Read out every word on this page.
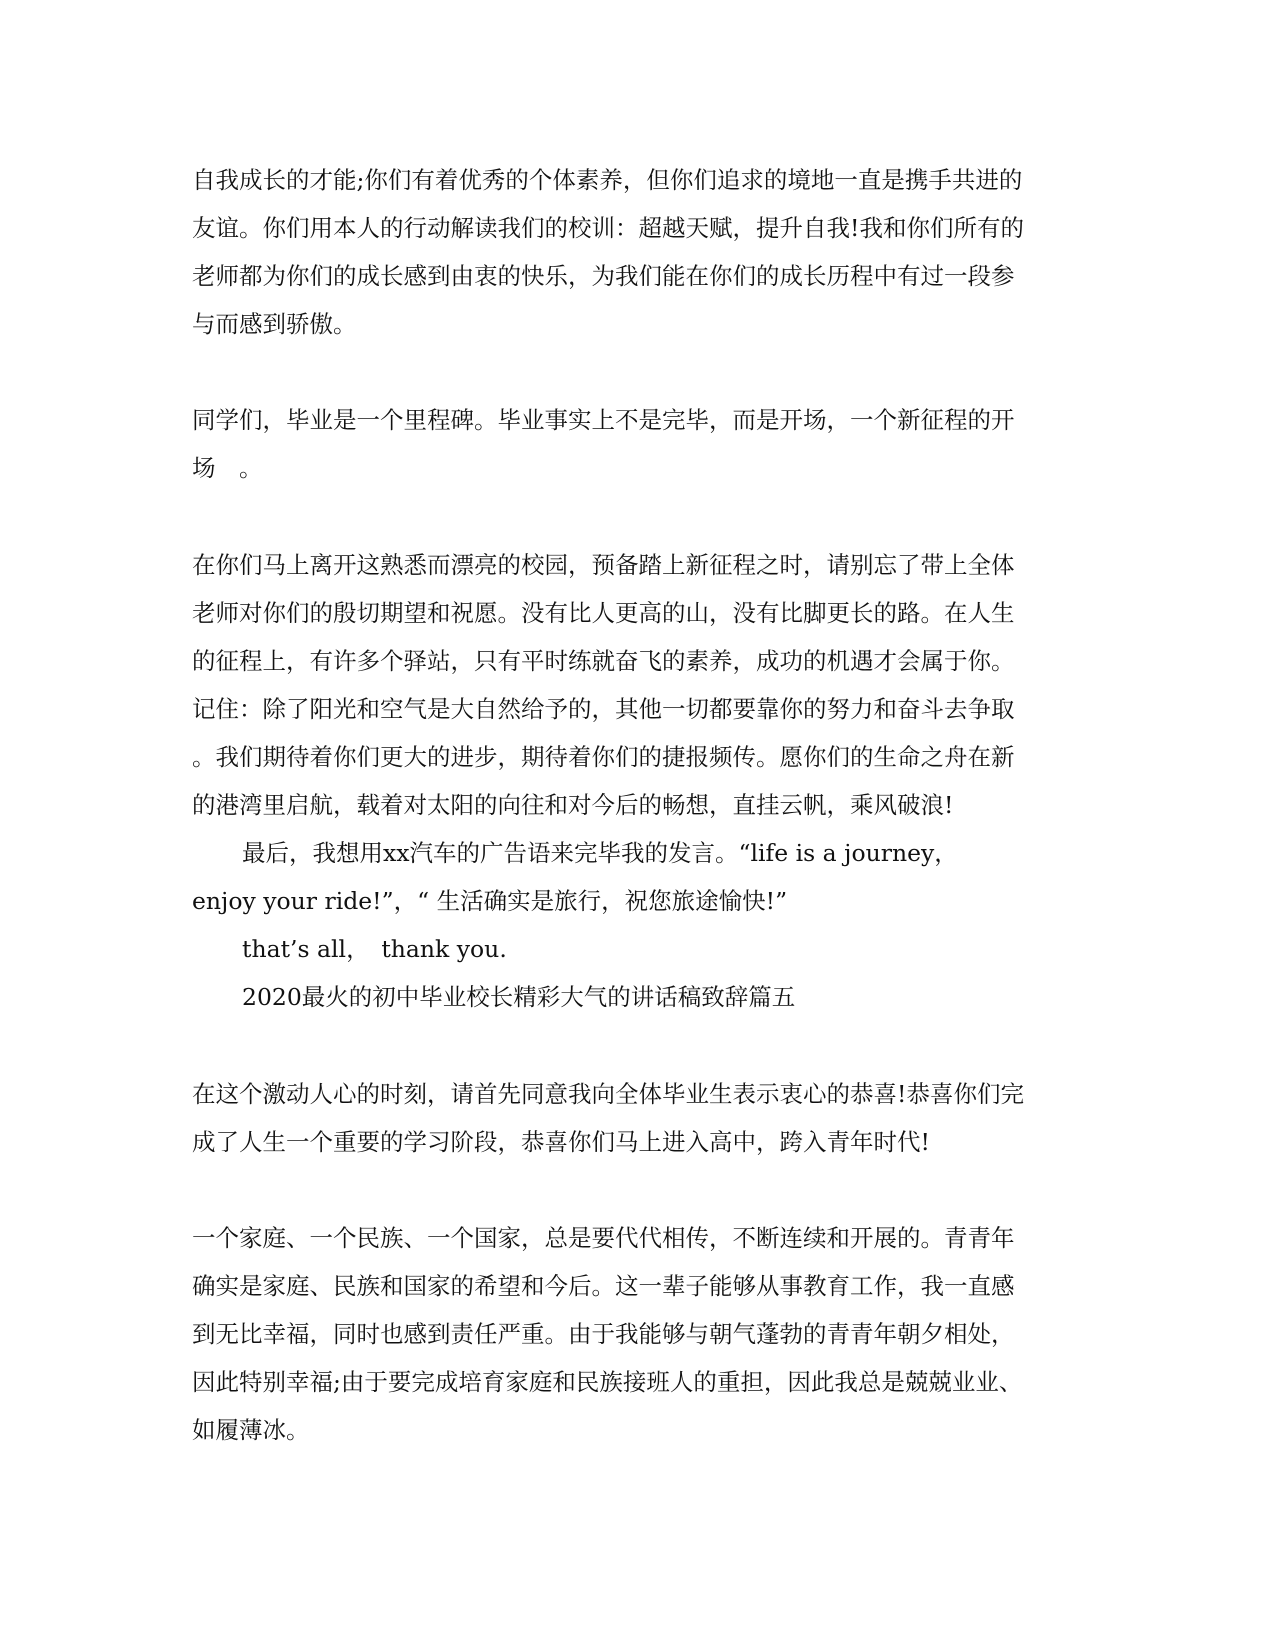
自我成长的才能;你们有着优秀的个体素养，但你们追求的境地一直是携手共进的
友谊。你们用本人的行动解读我们的校训：超越天赋，提升自我!我和你们所有的
老师都为你们的成长感到由衷的快乐，为我们能在你们的成长历程中有过一段参
与而感到骄傲。
同学们，毕业是一个里程碑。毕业事实上不是完毕，而是开场，一个新征程的开
场　。
在你们马上离开这熟悉而漂亮的校园，预备踏上新征程之时，请别忘了带上全体
老师对你们的殷切期望和祝愿。没有比人更高的山，没有比脚更长的路。在人生
的征程上，有许多个驿站，只有平时练就奋飞的素养，成功的机遇才会属于你。
记住：除了阳光和空气是大自然给予的，其他一切都要靠你的努力和奋斗去争取
。我们期待着你们更大的进步，期待着你们的捷报频传。愿你们的生命之舟在新
的港湾里启航，载着对太阳的向往和对今后的畅想，直挂云帆，乘风破浪!
最后，我想用xx汽车的广告语来完毕我的发言。“life is a journey，
enjoy your ride!”，“ 生活确实是旅行，祝您旅途愉快!”
that’s all，　thank you.
2020最火的初中毕业校长精彩大气的讲话稿致辞篇五
在这个激动人心的时刻，请首先同意我向全体毕业生表示衷心的恭喜!恭喜你们完
成了人生一个重要的学习阶段，恭喜你们马上进入高中，跨入青年时代!
一个家庭、一个民族、一个国家，总是要代代相传，不断连续和开展的。青青年
确实是家庭、民族和国家的希望和今后。这一辈子能够从事教育工作，我一直感
到无比幸福，同时也感到责任严重。由于我能够与朝气蓬勃的青青年朝夕相处，
因此特别幸福;由于要完成培育家庭和民族接班人的重担，因此我总是兢兢业业、
如履薄冰。
